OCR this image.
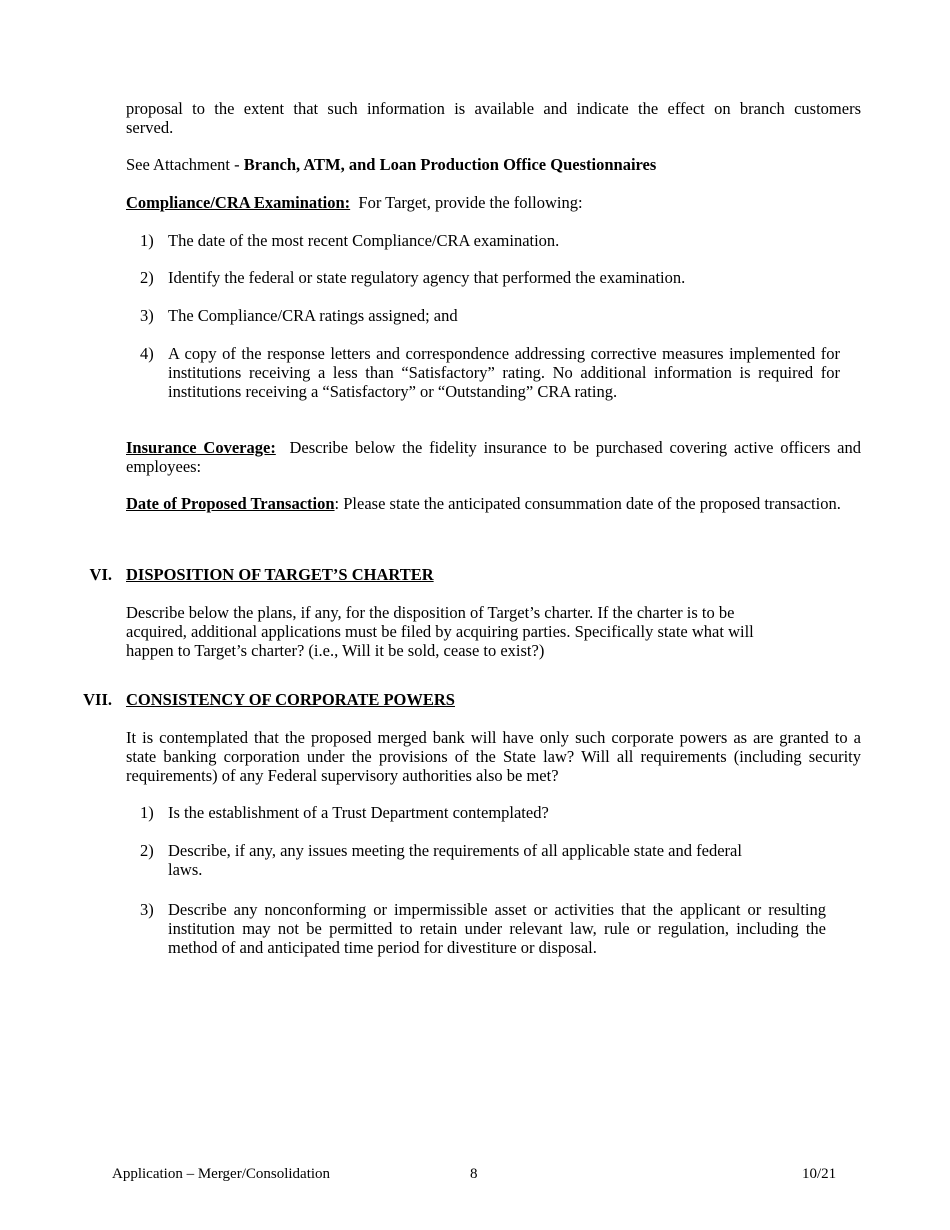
proposal to the extent that such information is available and indicate the effect on branch customers
served.

See Attachment - Branch, ATM, and Loan Production Office Questionnaires

Compliance/CRA Examination: For Target, provide the following:

1) The date of the most recent Compliance/CRA examination.
2) Identify the federal or state regulatory agency that performed the examination.
3) The Compliance/CRA ratings assigned; and
4) A copy of the response letters and correspondence addressing corrective measures implemented for institutions receiving a less than “Satisfactory” rating. No additional information is required for institutions receiving a “Satisfactory” or “Outstanding” CRA rating.

Insurance Coverage: Describe below the fidelity insurance to be purchased covering active officers and employees:

Date of Proposed Transaction: Please state the anticipated consummation date of the proposed transaction.

VI. DISPOSITION OF TARGET’S CHARTER
Describe below the plans, if any, for the disposition of Target’s charter. If the charter is to be
acquired, additional applications must be filed by acquiring parties. Specifically state what will
happen to Target’s charter? (i.e., Will it be sold, cease to exist?)
VII. CONSISTENCY OF CORPORATE POWERS

It is contemplated that the proposed merged bank will have only such corporate powers as are granted to a state banking corporation under the provisions of the State law? Will all requirements (including security requirements) of any Federal supervisory authorities also be met?

1) Is the establishment of a Trust Department contemplated?
2) Describe, if any, any issues meeting the requirements of all applicable state and federal
laws.
3) Describe any nonconforming or impermissible asset or activities that the applicant or resulting institution may not be permitted to retain under relevant law, rule or regulation, including the method of and anticipated time period for divestiture or disposal.

Application – Merger/Consolidation	8	10/21
